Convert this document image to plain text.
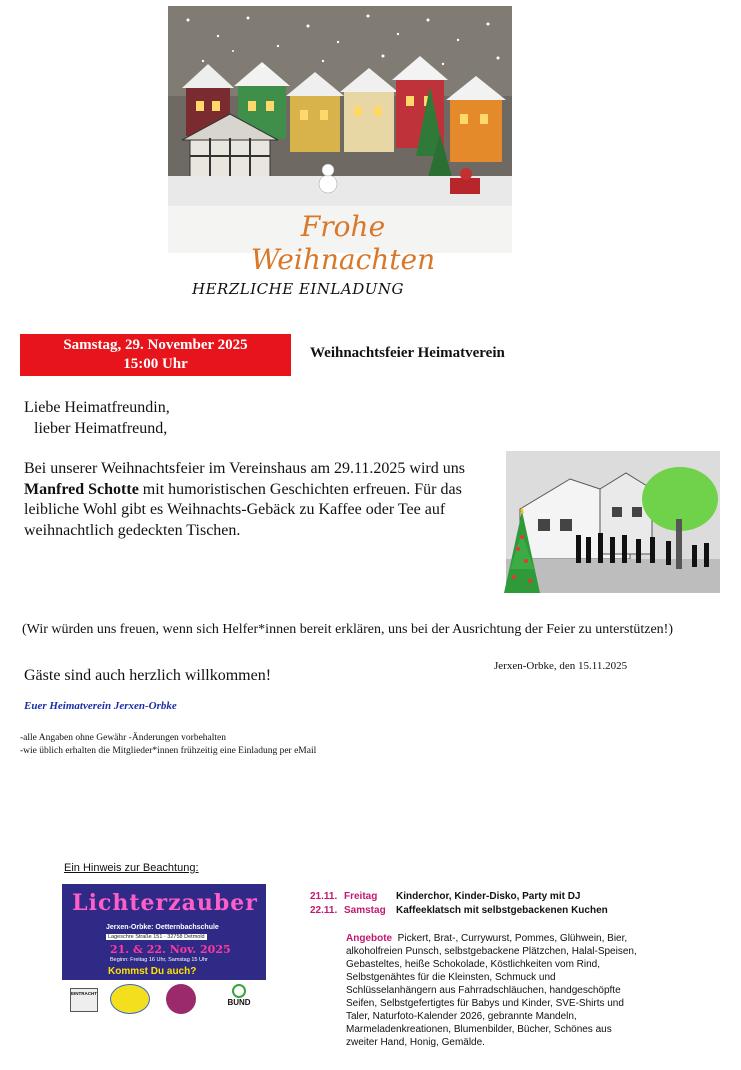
Frohe Weihnachten
HERZLICHE EINLADUNG
Samstag, 29. November 2025
15:00 Uhr
Weihnachtsfeier Heimatverein
Liebe Heimatfreundin,
lieber Heimatfreund,
Bei unserer Weihnachtsfeier im Vereinshaus am 29.11.2025 wird uns Manfred Schotte mit humoristischen Geschichten erfreuen. Für das leibliche Wohl gibt es Weihnachts-Gebäck zu Kaffee oder Tee auf weihnachtlich gedeckten Tischen.
(Wir würden uns freuen, wenn sich Helfer*innen bereit erklären, uns bei der Ausrichtung der Feier zu unterstützen!)
Gäste sind auch herzlich willkommen!
Jerxen-Orbke, den 15.11.2025
Euer Heimatverein Jerxen-Orbke
-alle Angaben ohne Gewähr -Änderungen vorbehalten
-wie üblich erhalten die Mitglieder*innen frühzeitig eine Einladung per eMail
Ein Hinweis zur Beachtung:
Lichterzauber
Jerxen-Orbke: Oetternbachschule
Lageschre Straße 151 · 32758 Detmold
21. & 22. Nov. 2025
Beginn: Freitag 16 Uhr, Samstag 15 Uhr
Kommst Du auch?
EINTRACHT
BUND
21.11. Freitag Kinderchor, Kinder-Disko, Party mit DJ
22.11. Samstag Kaffeeklatsch mit selbstgebackenen Kuchen
Angebote Pickert, Brat-, Currywurst, Pommes, Glühwein, Bier, alkoholfreien Punsch, selbstgebackene Plätzchen, Halal-Speisen, Gebasteltes, heiße Schokolade, Köstlichkeiten vom Rind, Selbstgenähtes für die Kleinsten, Schmuck und Schlüsselanhängern aus Fahrradschläuchen, handgeschöpfte Seifen, Selbstgefertigtes für Babys und Kinder, SVE-Shirts und Taler, Naturfoto-Kalender 2026, gebrannte Mandeln, Marmeladenkreationen, Blumenbilder, Bücher, Schönes aus zweiter Hand, Honig, Gemälde.
